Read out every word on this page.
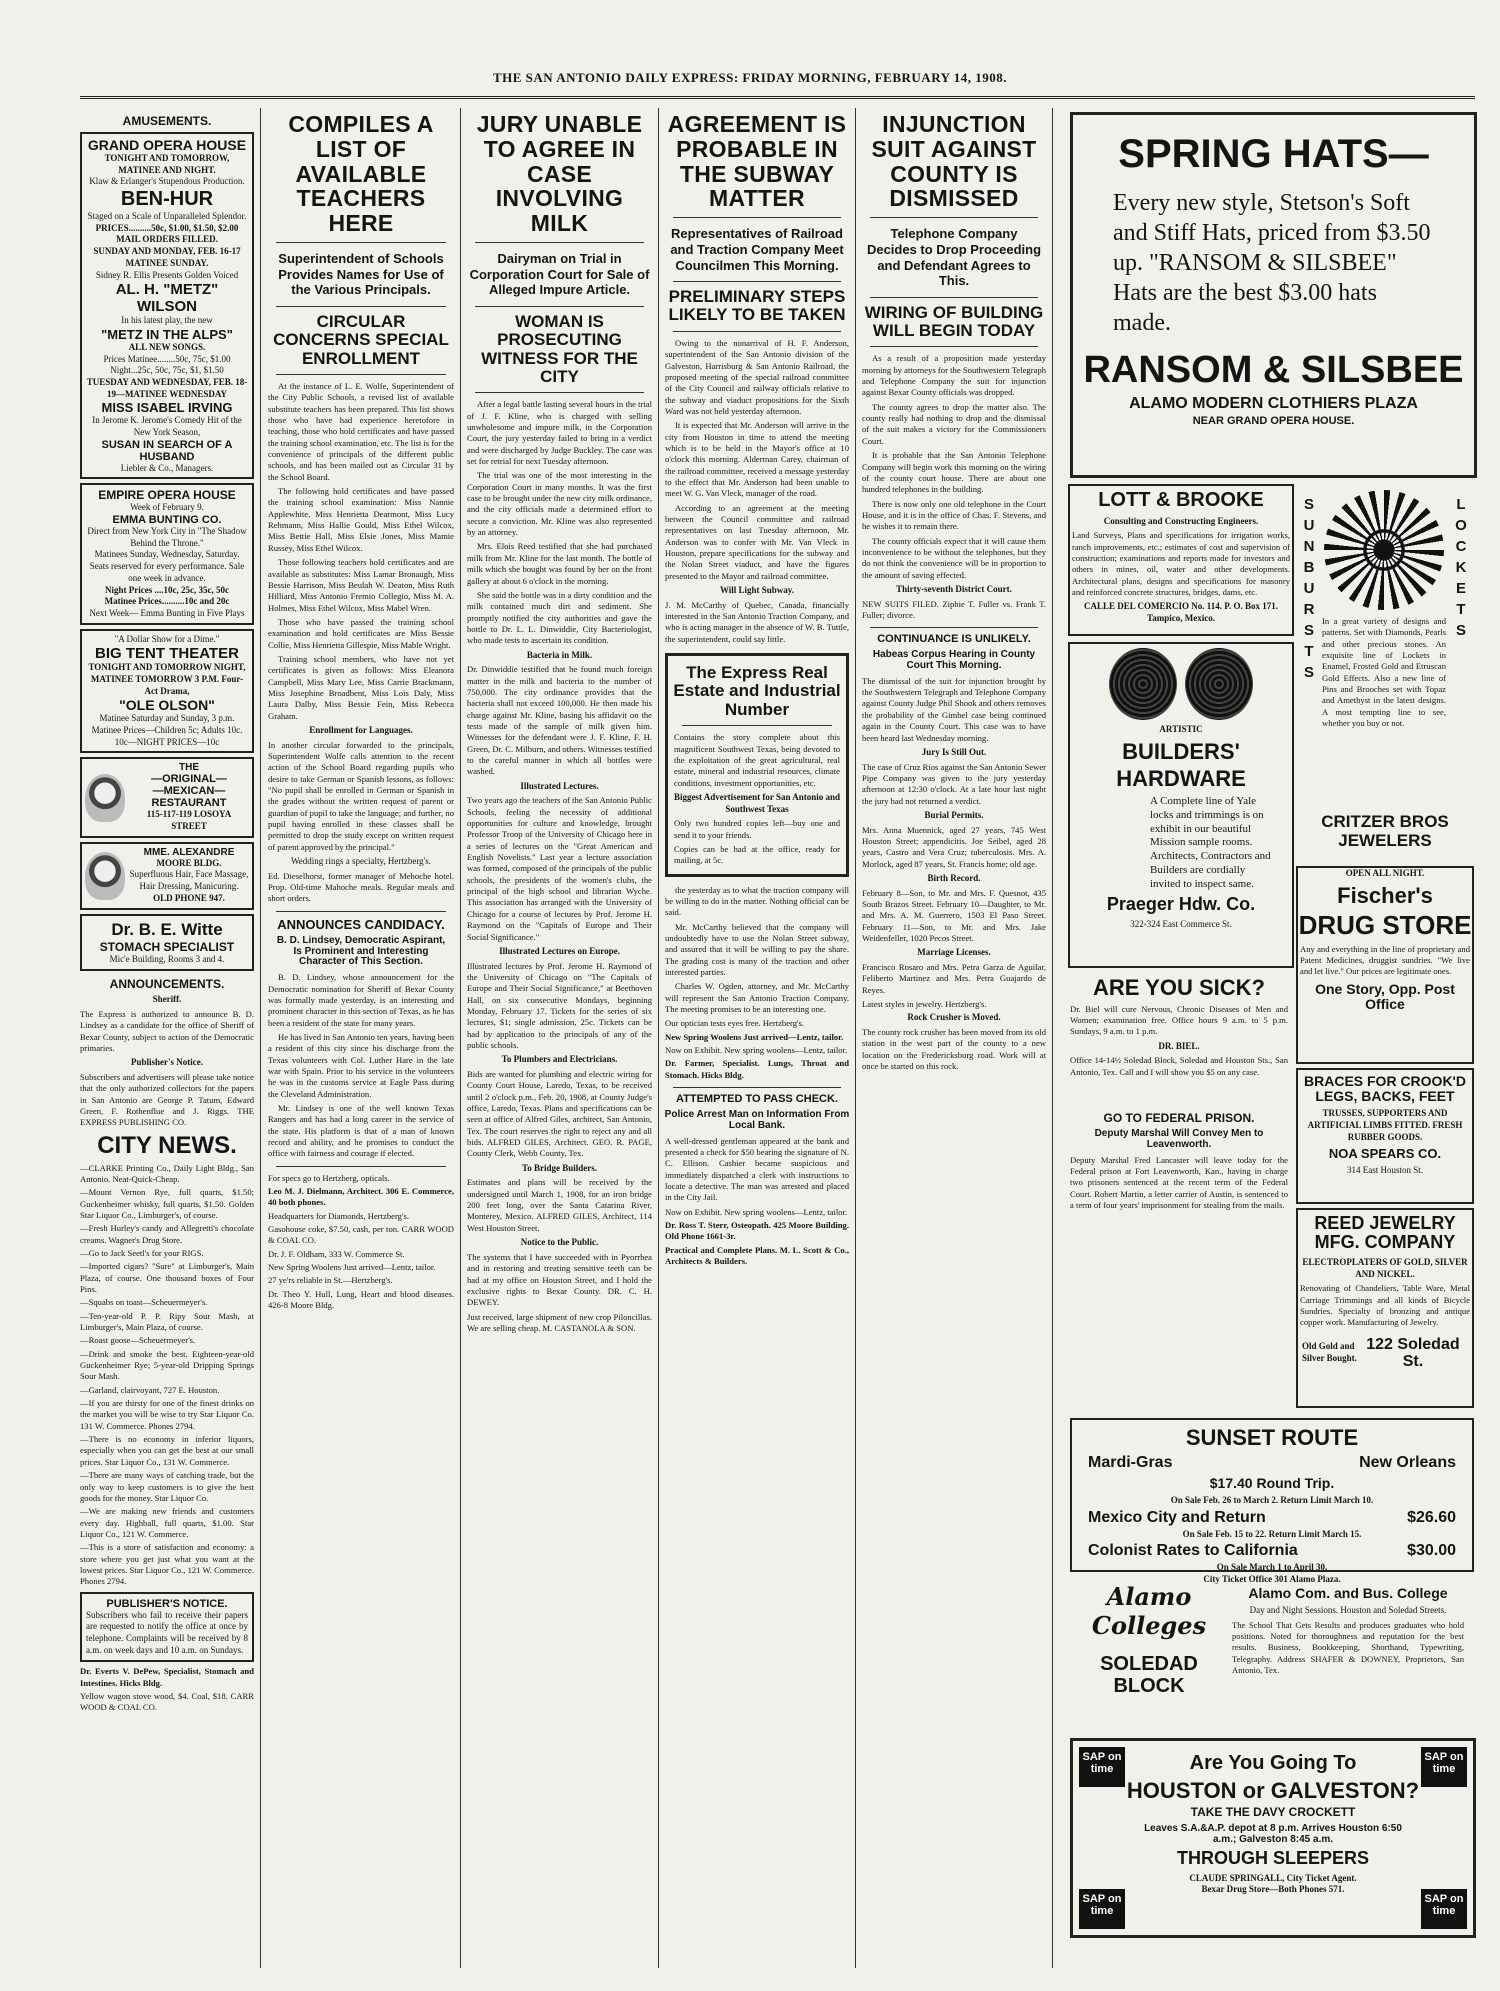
THE SAN ANTONIO DAILY EXPRESS: FRIDAY MORNING, FEBRUARY 14, 1908.
AMUSEMENTS.
GRAND OPERA HOUSE
TONIGHT AND TOMORROW,
MATINEE AND NIGHT.
Klaw & Erlanger's Stupendous Production.
BEN-HUR
Staged on a Scale of Unparalleled Splendor.
PRICES..........50c, $1.00, $1.50, $2.00
MAIL ORDERS FILLED.
SUNDAY AND MONDAY, FEB. 16-17 MATINEE SUNDAY.
Sidney R. Ellis Presents Golden Voiced
AL. H. "METZ" WILSON
In his latest play, the new
"METZ IN THE ALPS"
ALL NEW SONGS.
Prices Matinee........50c, 75c, $1.00 Night...25c, 50c, 75c, $1, $1.50
TUESDAY AND WEDNESDAY, FEB. 18-19—MATINEE WEDNESDAY
MISS ISABEL IRVING
In Jerome K. Jerome's Comedy Hit of the New York Season,
SUSAN IN SEARCH OF A HUSBAND
Liebler & Co., Managers.
EMPIRE OPERA HOUSE
Week of February 9.
EMMA BUNTING CO.
Direct from New York City in "The Shadow Behind the Throne."
Matinees Sunday, Wednesday, Saturday. Seats reserved for every performance. Sale one week in advance.
Night Prices ....10c, 25c, 35c, 50c
Matinee Prices..........10c and 20c
Next Week— Emma Bunting in Five Plays
"A Dollar Show for a Dime."
BIG TENT THEATER
TONIGHT AND TOMORROW NIGHT, MATINEE TOMORROW 3 P.M. Four-Act Drama,
"OLE OLSON"
Matinee Saturday and Sunday, 3 p.m. Matinee Prices—Children 5c; Adults 10c. 10c—NIGHT PRICES—10c
THE
—ORIGINAL—
—MEXICAN—
RESTAURANT
115-117-119 LOSOYA STREET
MME. ALEXANDRE
MOORE BLDG.
Superfluous Hair, Face Massage, Hair Dressing, Manicuring.
OLD PHONE 947.
Dr. B. E. Witte
STOMACH SPECIALIST
Mic'e Building, Rooms 3 and 4.
ANNOUNCEMENTS.
Sheriff.
The Express is authorized to announce B. D. Lindsey as a candidate for the office of Sheriff of Bexar County, subject to action of the Democratic primaries.
Publisher's Notice.
Subscribers and advertisers will please take notice that the only authorized collectors for the papers in San Antonio are George P. Tatum, Edward Green, F. Rothenflue and J. Riggs. THE EXPRESS PUBLISHING CO.
CITY NEWS.
—CLARKE Printing Co., Daily Light Bldg., San Antonio. Neat-Quick-Cheap.
—Mount Vernon Rye, full quarts, $1.50; Guckenheimer whisky, full quarts, $1.50. Golden Star Liquor Co., Limburger's, of course.
—Fresh Hurley's candy and Allegretti's chocolate creams. Wagner's Drug Store.
—Go to Jack Seetl's for your RIGS.
—Imported cigars? "Sure" at Limburger's, Main Plaza, of course. One thousand boxes of Four Pins.
—Squabs on toast—Scheuermeyer's.
—Ten-year-old P. P. Ripy Sour Mash, at Limburger's, Main Plaza, of course.
—Roast goose—Scheuermeyer's.
—Drink and smoke the best. Eighteen-year-old Guckenheimer Rye; 5-year-old Dripping Springs Sour Mash.
—Garland, clairvoyant, 727 E. Houston.
—If you are thirsty for one of the finest drinks on the market you will be wise to try Star Liquor Co. 131 W. Commerce. Phones 2794.
—There is no economy in inferior liquors, especially when you can get the best at our small prices. Star Liquor Co., 131 W. Commerce.
—There are many ways of catching trade, but the only way to keep customers is to give the best goods for the money. Star Liquor Co.
—We are making new friends and customers every day. Highball, full quarts, $1.00. Star Liquor Co., 121 W. Commerce.
—This is a store of satisfaction and economy: a store where you get just what you want at the lowest prices. Star Liquor Co., 121 W. Commerce. Phones 2794.
PUBLISHER'S NOTICE.
Subscribers who fail to receive their papers are requested to notify the office at once by telephone. Complaints will be received by 8 a.m. on week days and 10 a.m. on Sundays.
Dr. Everts V. DePew, Specialist, Stomach and Intestines. Hicks Bldg.
Yellow wagon stove wood, $4. Coal, $18. CARR WOOD & COAL CO.
COMPILES A LIST OF AVAILABLE TEACHERS HERE
Superintendent of Schools Provides Names for Use of the Various Principals.
CIRCULAR CONCERNS SPECIAL ENROLLMENT

At the instance of L. E. Wolfe, Superintendent of the City Public Schools, a revised list of available substitute teachers has been prepared. This list shows those who have had experience heretofore in teaching, those who hold certificates and have passed the training school examination, etc. The list is for the convenience of principals of the different public schools, and has been mailed out as Circular 31 by the School Board.

The following hold certificates and have passed the training school examination: Miss Nannie Applewhite, Miss Henrietta Dearmont, Miss Lucy Rehmann, Miss Hallie Gould, Miss Ethel Wilcox, Miss Bettie Hall, Miss Elsie Jones, Miss Mamie Russey, Miss Ethel Wilcox.

Those following teachers hold certificates and are available as substitutes: Miss Lamar Bronaugh, Miss Bessie Harrison, Miss Beulah W. Deaton, Miss Ruth Hilliard, Miss Antonio Fremio Collegio, Miss M. A. Holmes, Miss Ethel Wilcox, Miss Mabel Wren.

Those who have passed the training school examination and hold certificates are Miss Bessie Collie, Miss Henrietta Gillespie, Miss Mable Wright.

Training school members, who have not yet certificates is given as follows: Miss Eleanora Campbell, Miss Mary Lee, Miss Carrie Brackmann, Miss Josephine Broadbent, Miss Lois Daly, Miss Laura Dalby, Miss Bessie Fein, Miss Rebecca Graham.

Enrollment for Languages.
In another circular forwarded to the principals, Superintendent Wolfe calls attention to the recent action of the School Board regarding pupils who desire to take German or Spanish lessons, as follows: "No pupil shall be enrolled in German or Spanish in the grades without the written request of parent or guardian of pupil to take the language; and further, no pupil having enrolled in these classes shall be permitted to drop the study except on written request of parent approved by the principal."
Wedding rings a specialty, Hertzberg's.
Ed. Dieselhorst, former manager of Mehoche hotel. Prop. Old-time Mahoche meals. Regular meals and short orders.
ANNOUNCES CANDIDACY.
B. D. Lindsey, Democratic Aspirant, Is Prominent and Interesting Character of This Section.

B. D. Lindsey, whose announcement for the Democratic nomination for Sheriff of Bexar County was formally made yesterday, is an interesting and prominent character in this section of Texas, as he has been a resident of the state for many years.

He has lived in San Antonio ten years, having been a resident of this city since his discharge from the Texas volunteers with Col. Luther Hare in the late war with Spain. Prior to his service in the volunteers he was in the customs service at Eagle Pass during the Cleveland Administration.

Mr. Lindsey is one of the well known Texas Rangers and has had a long career in the service of the state. His platform is that of a man of known record and ability, and he promises to conduct the office with fairness and courage if elected.

For specs go to Hertzberg, opticals.
Leo M. J. Dielmann, Architect. 306 E. Commerce, 40 both phones.
Headquarters for Diamonds, Hertzberg's.
Gasohouse coke, $7.50, cash, per ton. CARR WOOD & COAL CO.
Dr. J. F. Oldham, 333 W. Commerce St.
New Spring Woolens Just arrived—Lentz, tailor.
27 ye'rs reliable in St.—Hertzberg's.
Dr. Theo Y. Hull, Lung, Heart and blood diseases. 426-8 Moore Bldg.
JURY UNABLE TO AGREE IN CASE INVOLVING MILK
Dairyman on Trial in Corporation Court for Sale of Alleged Impure Article.
WOMAN IS PROSECUTING WITNESS FOR THE CITY

After a legal battle lasting several hours in the trial of J. F. Kline, who is charged with selling unwholesome and impure milk, in the Corporation Court, the jury yesterday failed to bring in a verdict and were discharged by Judge Buckley. The case was set for retrial for next Tuesday afternoon.

The trial was one of the most interesting in the Corporation Court in many months. It was the first case to be brought under the new city milk ordinance, and the city officials made a determined effort to secure a conviction. Mr. Kline was also represented by an attorney.

Mrs. Elois Reed testified that she had purchased milk from Mr. Kline for the last month. The bottle of milk which she bought was found by her on the front gallery at about 6 o'clock in the morning.

She said the bottle was in a dirty condition and the milk contained much dirt and sediment. She promptly notified the city authorities and gave the bottle to Dr. L. L. Dinwiddie, City Bacteriologist, who made tests to ascertain its condition.

Bacteria in Milk.
Dr. Dinwiddie testified that he found much foreign matter in the milk and bacteria to the number of 750,000. The city ordinance provides that the bacteria shall not exceed 100,000. He then made his charge against Mr. Kline, basing his affidavit on the tests made of the sample of milk given him. Witnesses for the defendant were J. F. Kline, F. H. Green, Dr. C. Milburn, and others. Witnesses testified to the careful manner in which all bottles were washed.
Illustrated Lectures.
Two years ago the teachers of the San Antonio Public Schools, feeling the necessity of additional opportunities for culture and knowledge, brought Professor Troop of the University of Chicago here in a series of lectures on the "Great American and English Novelists." Last year a lecture association was formed, composed of the principals of the public schools, the presidents of the women's clubs, the principal of the high school and librarian Wyche. This association has arranged with the University of Chicago for a course of lectures by Prof. Jerome H. Raymond on the "Capitals of Europe and Their Social Significance."
Illustrated Lectures on Europe.
Illustrated lectures by Prof. Jerome H. Raymond of the University of Chicago on "The Capitals of Europe and Their Social Significance," at Beethoven Hall, on six consecutive Mondays, beginning Monday, February 17. Tickets for the series of six lectures, $1; single admission, 25c. Tickets can be had by application to the principals of any of the public schools.
To Plumbers and Electricians.
Bids are wanted for plumbing and electric wiring for County Court House, Laredo, Texas, to be received until 2 o'clock p.m., Feb. 20, 1908, at County Judge's office, Laredo, Texas. Plans and specifications can be seen at office of Alfred Giles, architect, San Antonio, Tex. The court reserves the right to reject any and all bids. ALFRED GILES, Architect. GEO. R. PAGE, County Clerk, Webb County, Tex.
To Bridge Builders.
Estimates and plans will be received by the undersigned until March 1, 1908, for an iron bridge 200 feet long, over the Santa Catarina River, Monterey, Mexico. ALFRED GILES, Architect, 114 West Houston Street.
Notice to the Public.
The systems that I have succeeded with in Pyorrhea and in restoring and treating sensitive teeth can be had at my office on Houston Street, and I hold the exclusive rights to Bexar County. DR. C. H. DEWEY.
Just received, large shipment of new crop Piloncillas. We are selling cheap. M. CASTANOLA & SON.
AGREEMENT IS PROBABLE IN THE SUBWAY MATTER
Representatives of Railroad and Traction Company Meet Councilmen This Morning.
PRELIMINARY STEPS LIKELY TO BE TAKEN

Owing to the nonarrival of H. F. Anderson, superintendent of the San Antonio division of the Galveston, Harrisburg & San Antonio Railroad, the proposed meeting of the special railroad committee of the City Council and railway officials relative to the subway and viaduct propositions for the Sixth Ward was not held yesterday afternoon.

It is expected that Mr. Anderson will arrive in the city from Houston in time to attend the meeting which is to be held in the Mayor's office at 10 o'clock this morning. Alderman Carey, chairman of the railroad committee, received a message yesterday to the effect that Mr. Anderson had been unable to meet W. G. Van Vleck, manager of the road.

According to an agreement at the meeting between the Council committee and railroad representatives on last Tuesday afternoon, Mr. Anderson was to confer with Mr. Van Vleck in Houston, prepare specifications for the subway and the Nolan Street viaduct, and have the figures presented to the Mayor and railroad committee.

Will Light Subway.
J. M. McCarthy of Quebec, Canada, financially interested in the San Antonio Traction Company, and who is acting manager in the absence of W. B. Tuttle, the superintendent, could say little.
The Express Real Estate and Industrial Number
Contains the story complete about this magnificent Southwest Texas, being devoted to the exploitation of the great agricultural, real estate, mineral and industrial resources, climate conditions, investment opportunities, etc.
Biggest Advertisement for San Antonio and Southwest Texas
Only two hundred copies left—buy one and send it to your friends.
Copies can be had at the office, ready for mailing, at 5c.

the yesterday as to what the traction company will be willing to do in the matter. Nothing official can be said.

Mr. McCarthy believed that the company will undoubtedly have to use the Nolan Street subway, and assured that it will be willing to pay the share. The grading cost is many of the traction and other interested parties.

Charles W. Ogden, attorney, and Mr. McCarthy will represent the San Antonio Traction Company. The meeting promises to be an interesting one.

Our optician tests eyes free. Hertzberg's.
New Spring Woolens Just arrived—Lentz, tailor.
Now on Exhibit. New spring woolens—Lentz, tailor.
Dr. Farmer, Specialist. Lungs, Throat and Stomach. Hicks Bldg.
ATTEMPTED TO PASS CHECK.
Police Arrest Man on Information From Local Bank.
A well-dressed gentleman appeared at the bank and presented a check for $50 bearing the signature of N. C. Ellison. Cashier became suspicious and immediately dispatched a clerk with instructions to locate a detective. The man was arrested and placed in the City Jail.
Now on Exhibit. New spring woolens—Lentz, tailor.
Dr. Ross T. Sterr, Osteopath. 425 Moore Building. Old Phone 1661-3r.
Practical and Complete Plans. M. L. Scott & Co., Architects & Builders.
INJUNCTION SUIT AGAINST COUNTY IS DISMISSED
Telephone Company Decides to Drop Proceeding and Defendant Agrees to This.
WIRING OF BUILDING WILL BEGIN TODAY

As a result of a proposition made yesterday morning by attorneys for the Southwestern Telegraph and Telephone Company the suit for injunction against Bexar County officials was dropped.

The county agrees to drop the matter also. The county really had nothing to drop and the dismissal of the suit makes a victory for the Commissioners Court.

It is probable that the San Antonio Telephone Company will begin work this morning on the wiring of the county court house. There are about one hundred telephones in the building.

There is now only one old telephone in the Court House, and it is in the office of Chas. F. Stevens, and he wishes it to remain there.

The county officials expect that it will cause them inconvenience to be without the telephones, but they do not think the convenience will be in proportion to the amount of saving effected.

Thirty-seventh District Court.
NEW SUITS FILED. Ziphie T. Fuller vs. Frank T. Fuller; divorce.
CONTINUANCE IS UNLIKELY.
Habeas Corpus Hearing in County Court This Morning.
The dismissal of the suit for injunction brought by the Southwestern Telegraph and Telephone Company against County Judge Phil Shook and others removes the probability of the Gimbel case being continued again in the County Court. This case was to have been heard last Wednesday morning.
Jury Is Still Out.
The case of Cruz Rios against the San Antonio Sewer Pipe Company was given to the jury yesterday afternoon at 12:30 o'clock. At a late hour last night the jury had not returned a verdict.
Burial Permits.
Mrs. Anna Muennick, aged 27 years, 745 West Houston Street; appendicitis. Joe Seibel, aged 28 years, Castro and Vera Cruz; tuberculosis. Mrs. A. Morlock, aged 87 years, St. Francis home; old age.
Birth Record.
February 8—Son, to Mr. and Mrs. F. Quesnot, 435 South Brazos Street. February 10—Daughter, to Mr. and Mrs. A. M. Guerrero, 1503 El Paso Street. February 11—Son, to Mr. and Mrs. Jake Weidenfeller, 1020 Pecos Street.
Marriage Licenses.
Francisco Rosaro and Mrs. Petra Garza de Aguilar, Feliberto Martinez and Mrs. Petra Guajardo de Reyes.
Latest styles in jewelry. Hertzberg's.
Rock Crusher is Moved.
The county rock crusher has been moved from its old station in the west part of the county to a new location on the Fredericksburg road. Work will at once be started on this rock.
SPRING HATS—
Every new style, Stetson's Soft and Stiff Hats, priced from $3.50 up. "RANSOM & SILSBEE" Hats are the best $3.00 hats made.
RANSOM & SILSBEE
ALAMO MODERN CLOTHIERS PLAZA
NEAR GRAND OPERA HOUSE.
LOTT & BROOKE
Consulting and Constructing Engineers.
Land Surveys, Plans and specifications for irrigation works, ranch improvements, etc.; estimates of cost and supervision of construction; examinations and reports made for investors and others in mines, oil, water and other developments. Architectural plans, designs and specifications for masonry and reinforced concrete structures, bridges, dams, etc.
CALLE DEL COMERCIO No. 114. P. O. Box 171. Tampico, Mexico.
SUNBURSTS
LOCKETS
In a great variety of designs and patterns. Set with Diamonds, Pearls and other precious stones. An exquisite line of Lockets in Enamel, Frosted Gold and Etruscan Gold Effects. Also a new line of Pins and Brooches set with Topaz and Amethyst in the latest designs. A most tempting line to see, whether you buy or not.
CRITZER BROS JEWELERS
ARTISTIC
BUILDERS'
HARDWARE
A Complete line of Yale locks and trimmings is on exhibit in our beautiful Mission sample rooms. Architects, Contractors and Builders are cordially invited to inspect same.
Praeger Hdw. Co.
322-324 East Commerce St.
OPEN ALL NIGHT.
Fischer's
DRUG STORE
Any and everything in the line of proprietary and Patent Medicines, druggist sundries. "We live and let live." Our prices are legitimate ones.
One Story, Opp. Post Office
ARE YOU SICK?
Dr. Biel will cure Nervous, Chronic Diseases of Men and Women; examination free. Office hours 9 a.m. to 5 p.m. Sundays, 9 a.m. to 1 p.m.
DR. BIEL.
Office 14-14½ Soledad Block, Soledad and Houston Sts., San Antonio, Tex. Call and I will show you $5 on any case.
BRACES FOR CROOK'D LEGS, BACKS, FEET
TRUSSES, SUPPORTERS AND ARTIFICIAL LIMBS FITTED. FRESH RUBBER GOODS.
NOA SPEARS CO.
314 East Houston St.
GO TO FEDERAL PRISON.
Deputy Marshal Will Convey Men to Leavenworth.
Deputy Marshal Fred Lancaster will leave today for the Federal prison at Fort Leavenworth, Kan., having in charge two prisoners sentenced at the recent term of the Federal Court. Robert Martin, a letter carrier of Austin, is sentenced to a term of four years' imprisonment for stealing from the mails.
REED JEWELRY MFG. COMPANY
ELECTROPLATERS OF GOLD, SILVER AND NICKEL.
Renovating of Chandeliers, Table Ware, Metal Carriage Trimmings and all kinds of Bicycle Sundries. Specialty of bronzing and antique copper work. Manufacturing of Jewelry.
Old Gold and Silver Bought.
122 Soledad St.
SUNSET ROUTE
Mardi-Gras	New Orleans
$17.40 Round Trip.
On Sale Feb. 26 to March 2. Return Limit March 10.
Mexico City and Return	$26.60
On Sale Feb. 15 to 22. Return Limit March 15.
Colonist Rates to California	$30.00
On Sale March 1 to April 30.
City Ticket Office 301 Alamo Plaza.
Alamo Colleges
SOLEDAD BLOCK
Alamo Com. and Bus. College
Day and Night Sessions. Houston and Soledad Streets.
The School That Gets Results and produces graduates who hold positions. Noted for thoroughness and reputation for the best results. Business, Bookkeeping, Shorthand, Typewriting, Telegraphy. Address SHAFER & DOWNEY, Proprietors, San Antonio, Tex.
SAP on time
SAP on time
SAP on time
SAP on time
Are You Going To
HOUSTON or GALVESTON?
TAKE THE DAVY CROCKETT
Leaves S.A.&A.P. depot at 8 p.m. Arrives Houston 6:50 a.m.; Galveston 8:45 a.m.
THROUGH SLEEPERS
CLAUDE SPRINGALL, City Ticket Agent.
Bexar Drug Store—Both Phones 571.
